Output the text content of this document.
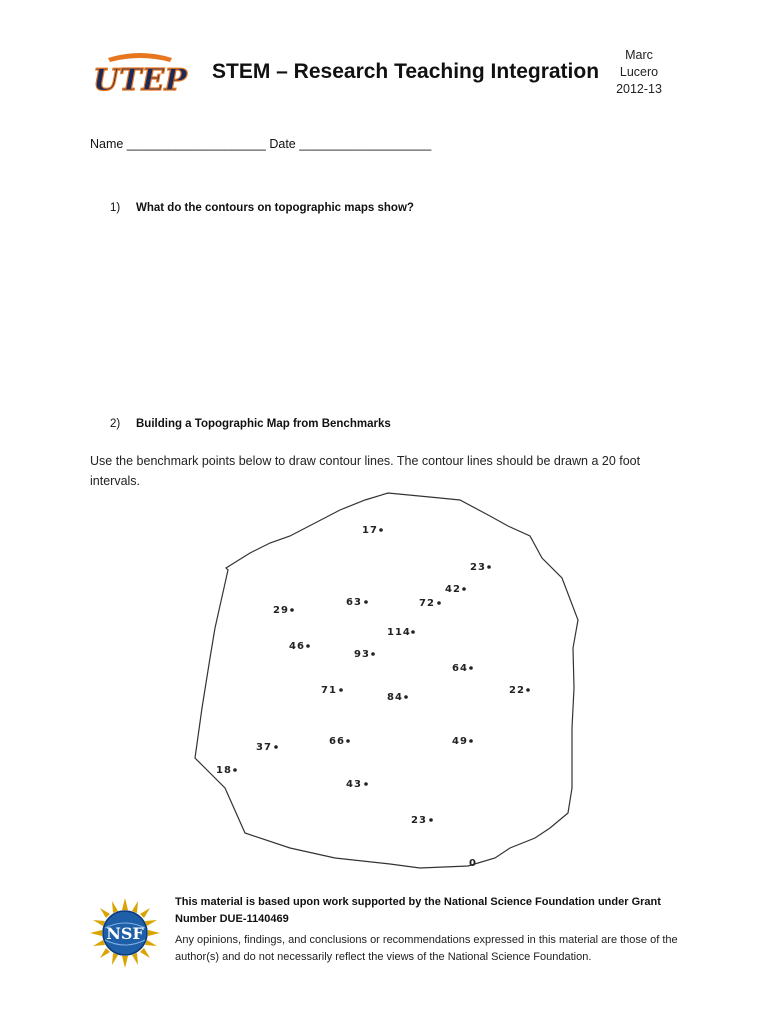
UTEP STEM – Research Teaching Integration
Marc
Lucero
2012-13
Name ____________________ Date ___________________
1) What do the contours on topographic maps show?
2) Building a Topographic Map from Benchmarks
Use the benchmark points below to draw contour lines. The contour lines should be drawn a 20 foot intervals.
17
23
42
72
63
29
114
46
93
64
71
84
22
66	49
37
18
43
23
0
NSF
This material is based upon work supported by the National Science Foundation under Grant Number DUE-1140469
Any opinions, findings, and conclusions or recommendations expressed in this material are those of the author(s) and do not necessarily reflect the views of the National Science Foundation.
